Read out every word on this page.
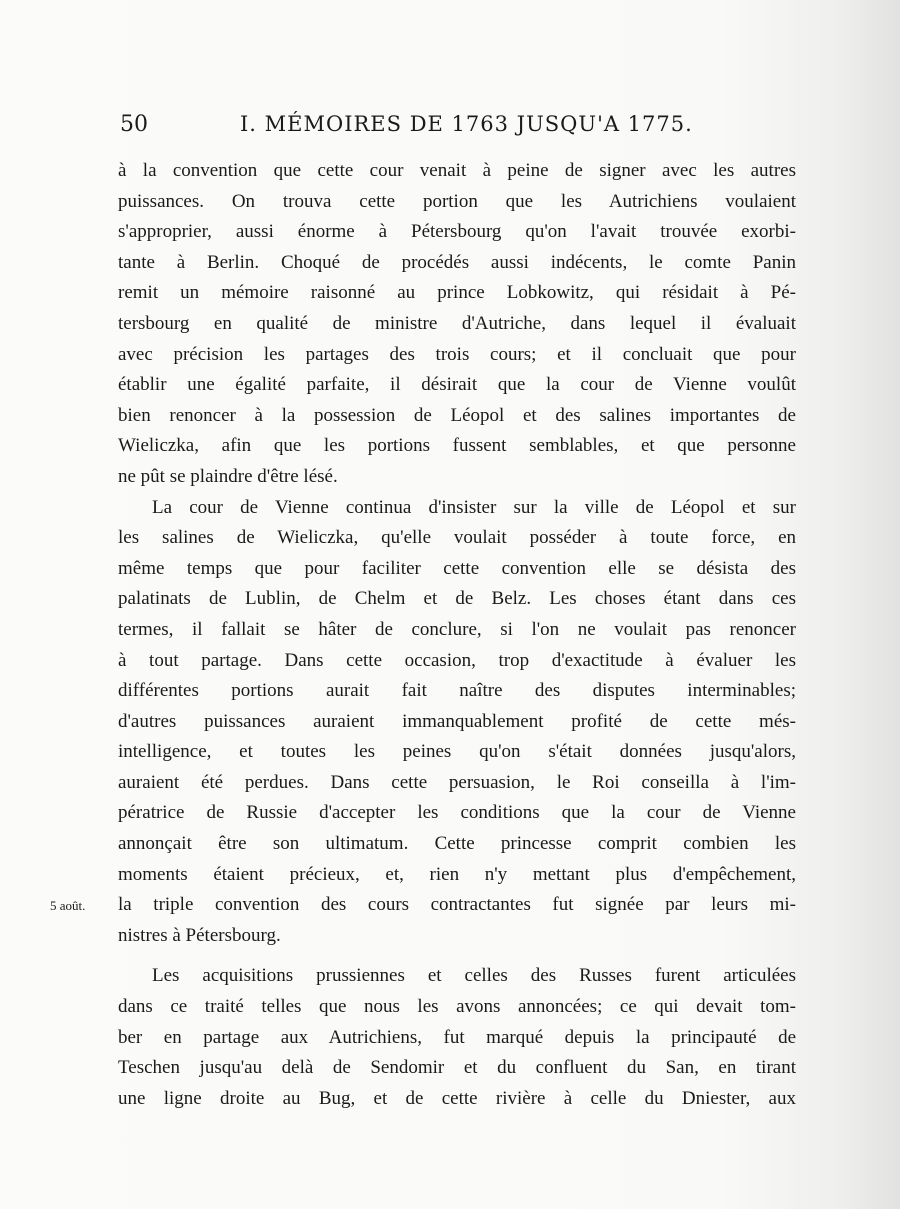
50	I. MÉMOIRES DE 1763 JUSQU'A 1775.
5 août.
à la convention que cette cour venait à peine de signer avec les autres
puissances. On trouva cette portion que les Autrichiens voulaient
s'approprier, aussi énorme à Pétersbourg qu'on l'avait trouvée exorbi-
tante à Berlin. Choqué de procédés aussi indécents, le comte Panin
remit un mémoire raisonné au prince Lobkowitz, qui résidait à Pé-
tersbourg en qualité de ministre d'Autriche, dans lequel il évaluait
avec précision les partages des trois cours; et il concluait que pour
établir une égalité parfaite, il désirait que la cour de Vienne voulût
bien renoncer à la possession de Léopol et des salines importantes de
Wieliczka, afin que les portions fussent semblables, et que personne
ne pût se plaindre d'être lésé.
La cour de Vienne continua d'insister sur la ville de Léopol et sur
les salines de Wieliczka, qu'elle voulait posséder à toute force, en
même temps que pour faciliter cette convention elle se désista des
palatinats de Lublin, de Chelm et de Belz. Les choses étant dans ces
termes, il fallait se hâter de conclure, si l'on ne voulait pas renoncer
à tout partage. Dans cette occasion, trop d'exactitude à évaluer les
différentes portions aurait fait naître des disputes interminables;
d'autres puissances auraient immanquablement profité de cette més-
intelligence, et toutes les peines qu'on s'était données jusqu'alors,
auraient été perdues. Dans cette persuasion, le Roi conseilla à l'im-
pératrice de Russie d'accepter les conditions que la cour de Vienne
annonçait être son ultimatum. Cette princesse comprit combien les
moments étaient précieux, et, rien n'y mettant plus d'empêchement,
la triple convention des cours contractantes fut signée par leurs mi-
nistres à Pétersbourg.
Les acquisitions prussiennes et celles des Russes furent articulées
dans ce traité telles que nous les avons annoncées; ce qui devait tom-
ber en partage aux Autrichiens, fut marqué depuis la principauté de
Teschen jusqu'au delà de Sendomir et du confluent du San, en tirant
une ligne droite au Bug, et de cette rivière à celle du Dniester, aux
